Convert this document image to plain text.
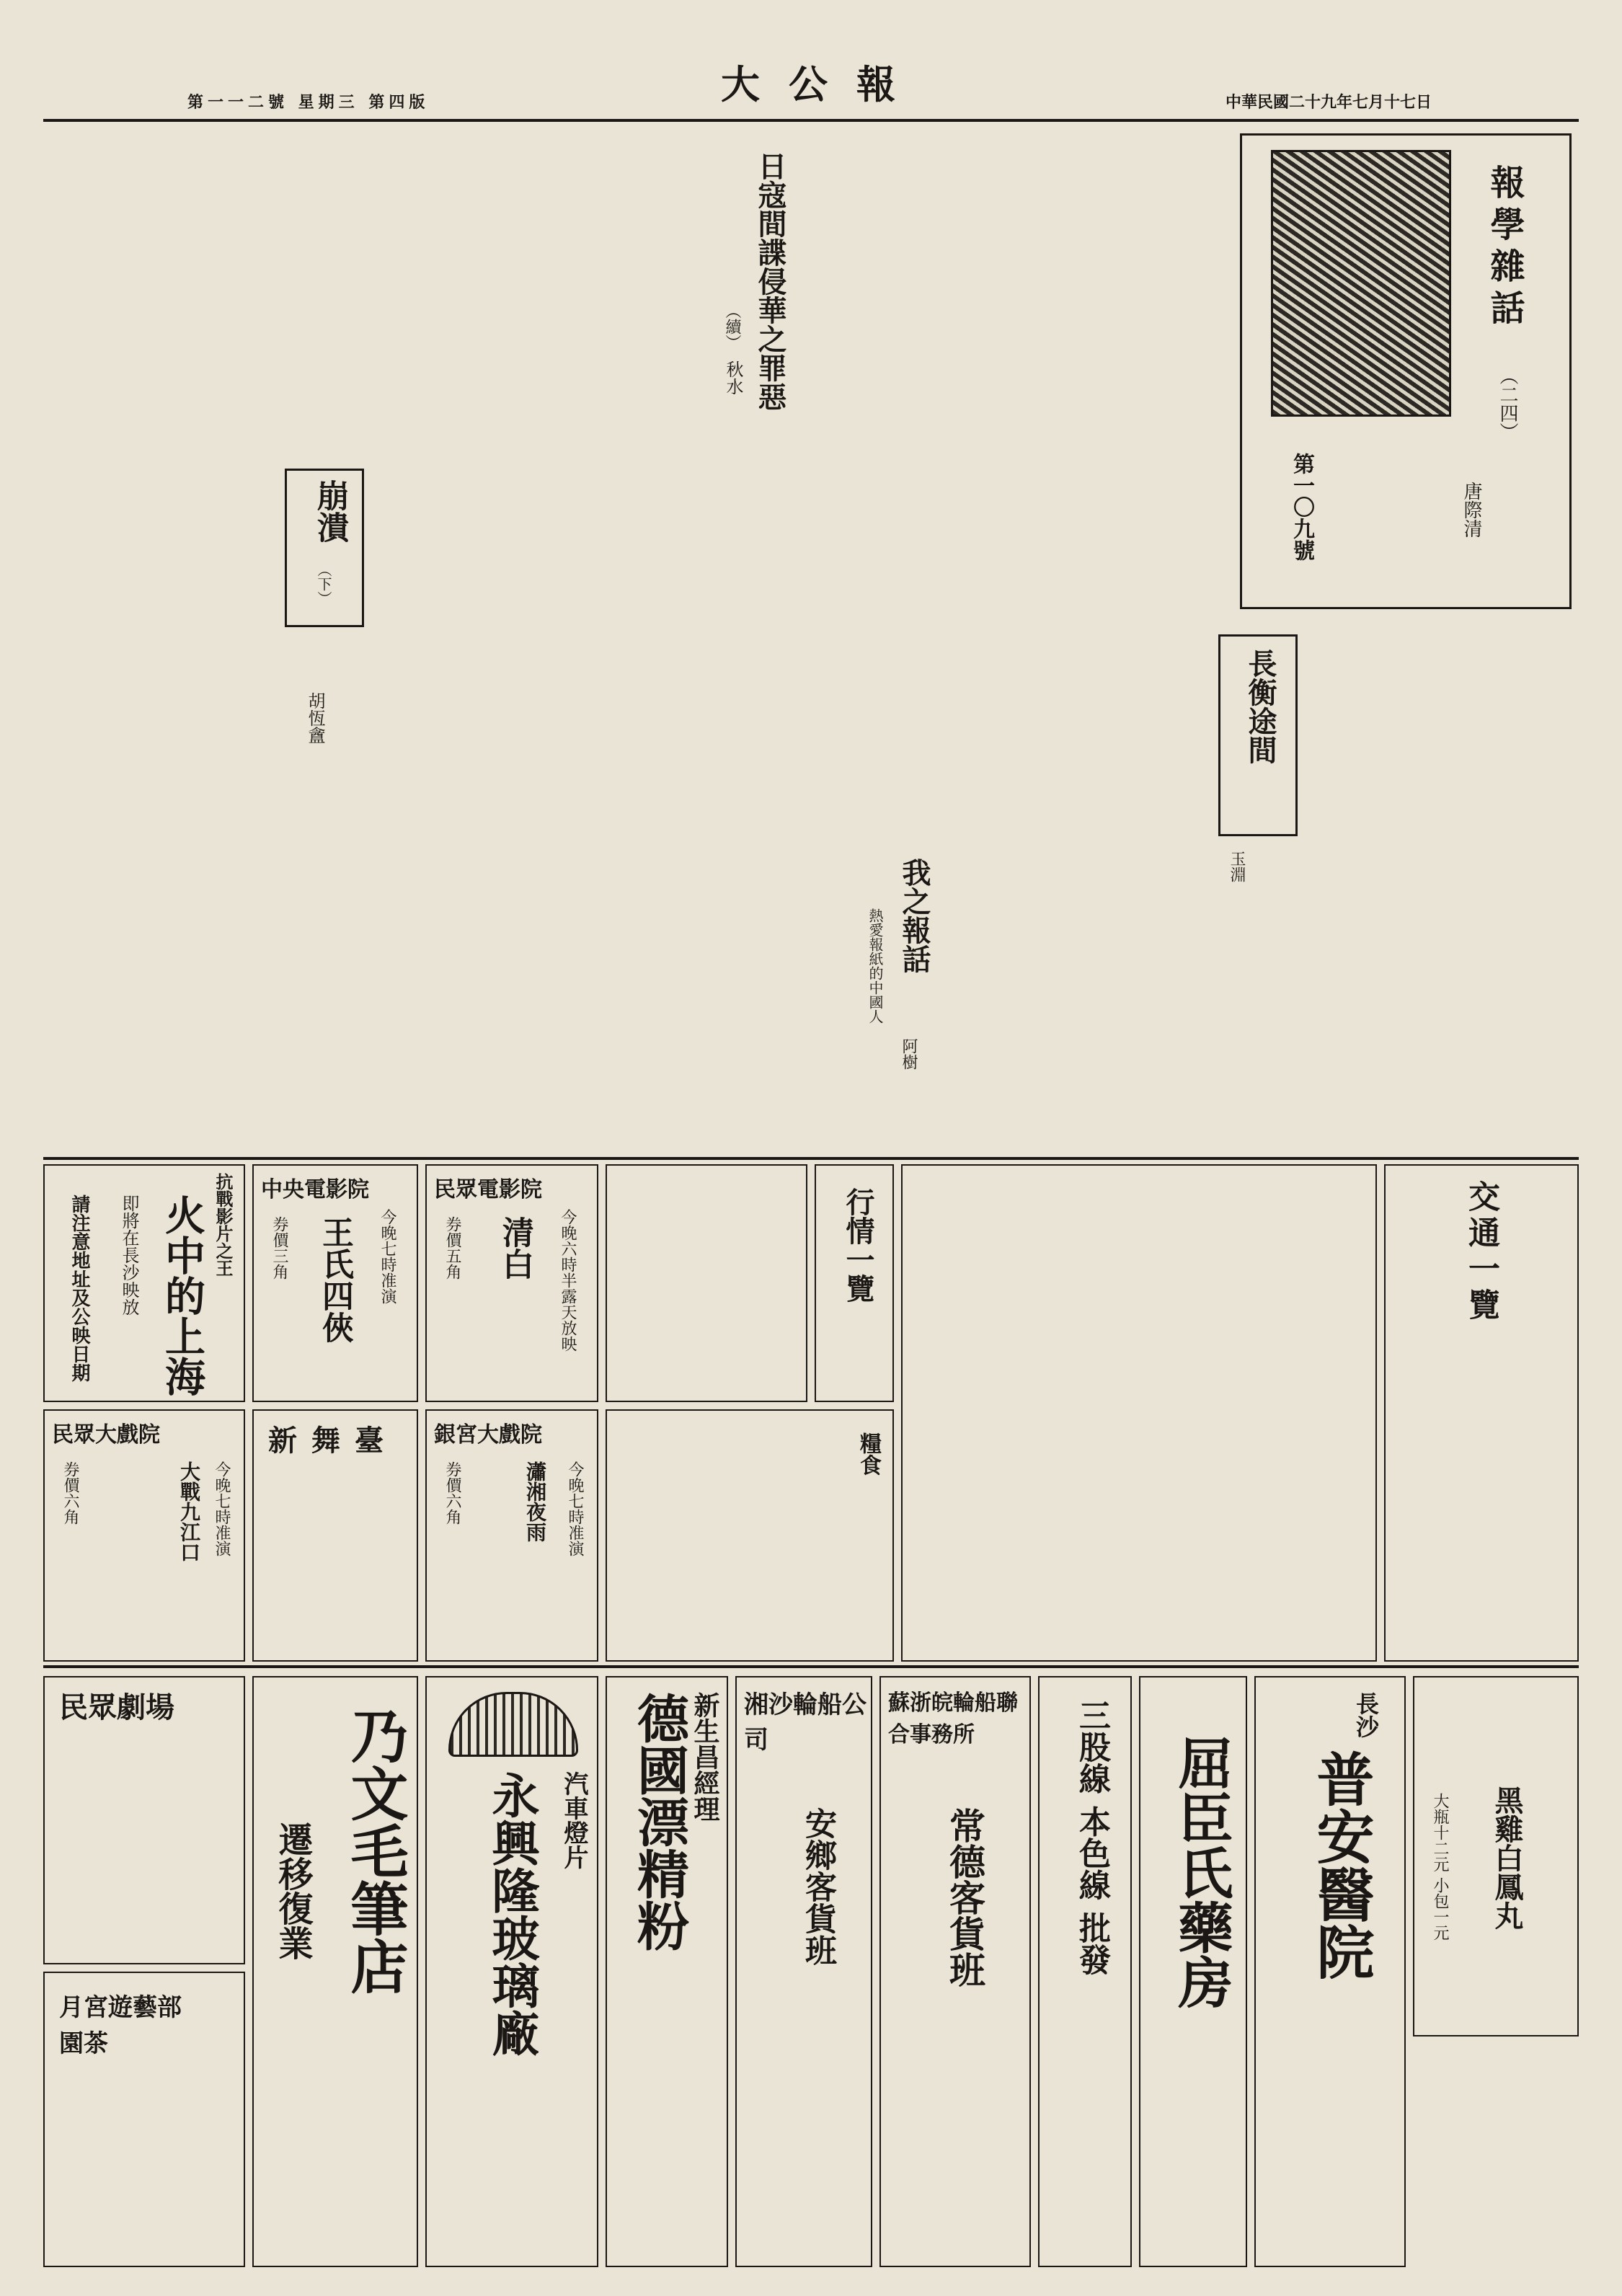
大公報	中華民國二十九年七月十七日
第一一二號 星期三 第四版
報學雜話
（二四）
唐際清
第一〇九號
日寇間諜侵華之罪惡
（續）
秋水
崩潰
（下）
胡恆盦	長衡途間
玉淵
我之報話
熱愛報紙的中國人
阿樹
交通一覽
行情一覽
糧食
民眾電影院
清白 今晚六時半露天放映
券價五角
中央電影院
王氏四俠 今晚七時准演
券價三角
抗戰影片之王
火中的上海
即將在長沙映放
請注意地址及公映日期
民眾大戲院
今晚七時准演
大戰九江口
券價六角
新舞臺 銀宮大戲院
今晚七時准演
瀟湘夜雨
券價六角
黑雞白鳳丸
大瓶十二元 小包一元
長沙
普安醫院
屈臣氏藥房
三股線 本色線 批發
蘇浙皖輪船聯合事務所
常德客貨班
湘沙輪船公司
安鄉客貨班
新生昌經理
德國漂精粉
汽車燈片
永興隆玻璃廠
乃文毛筆店
遷移復業
民眾劇場
月宮遊藝部
園茶
